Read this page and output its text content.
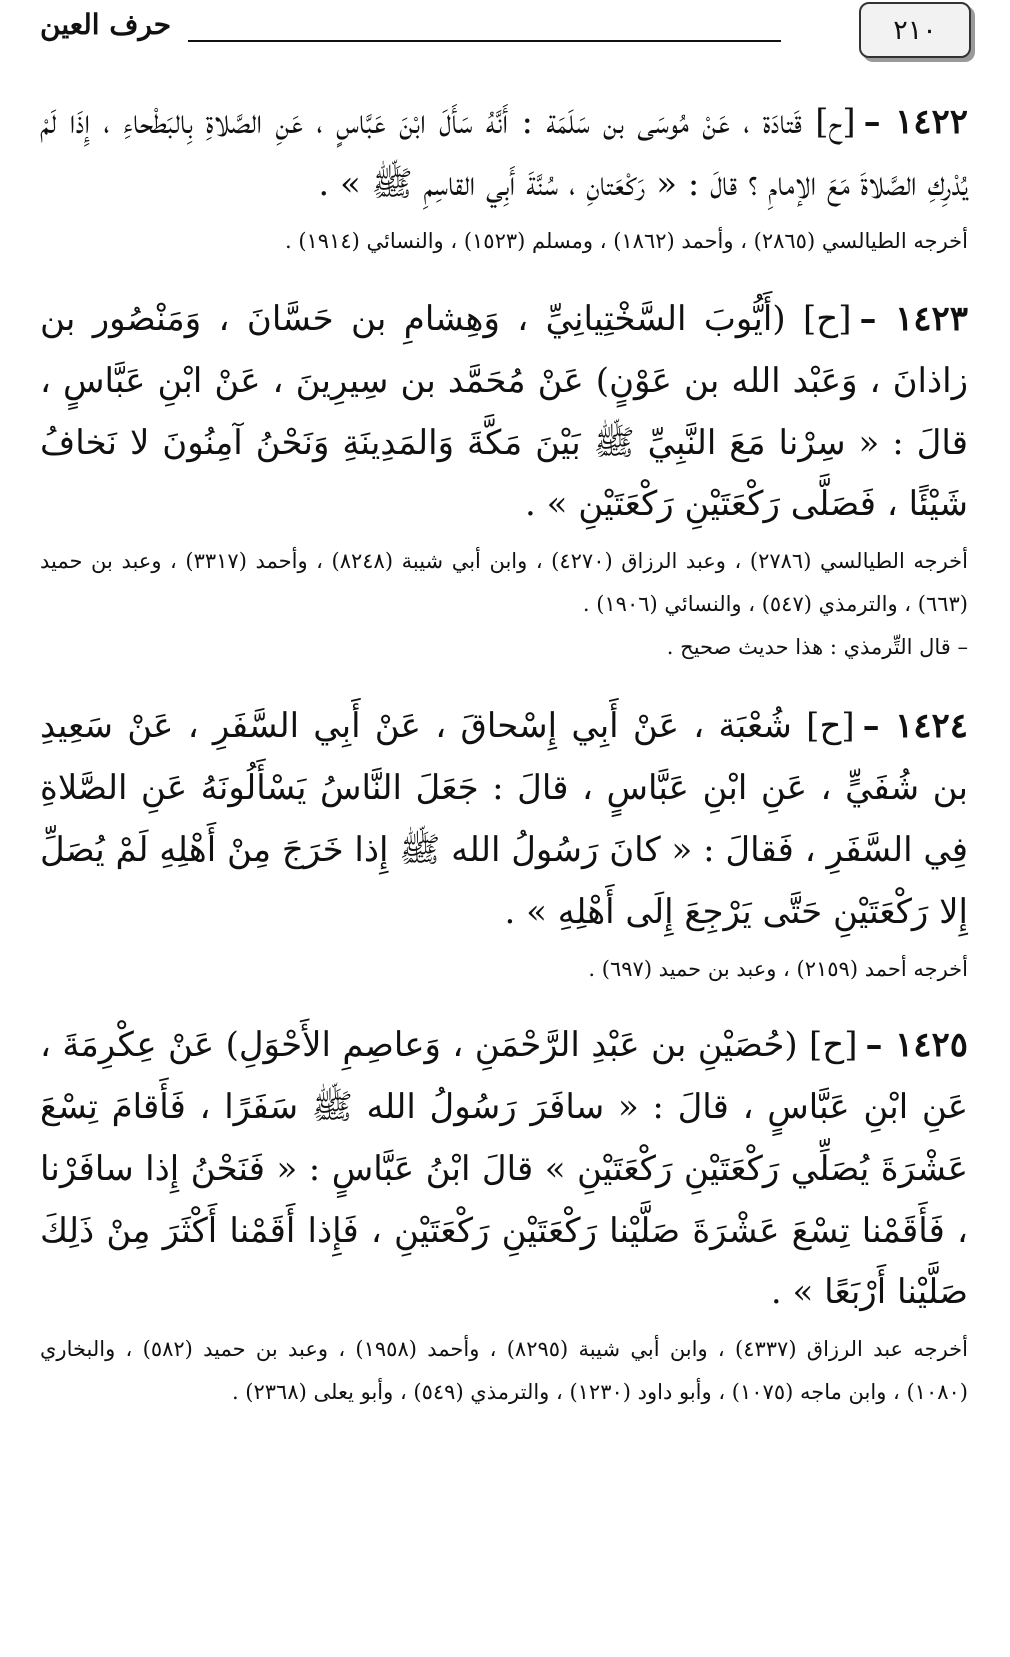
٢١٠
حرف العين

١٤٢٢ –[ح] قَتادَة ، عَنْ مُوسَى بن سَلَمَة : أَنَّهُ سَأَلَ ابْنَ عَبَّاسٍ ، عَنِ الصَّلاةِ بِالبَطْحاءِ ، إِذَا لَمْ يُدْرِكِ الصَّلاةَ مَعَ الإمامِ ؟ قالَ : « رَكْعَتانِ ، سُنَّةَ أَبِي القاسِمِ ﷺ » .

أخرجه الطيالسي (٢٨٦٥) ، وأحمد (١٨٦٢) ، ومسلم (١٥٢٣) ، والنسائي (١٩١٤) .

١٤٢٣ –[ح] (أَيُّوبَ السَّخْتِيانِيِّ ، وَهِشامِ بن حَسَّانَ ، وَمَنْصُور بن زاذانَ ، وَعَبْد الله بن عَوْنٍ) عَنْ مُحَمَّد بن سِيرِينَ ، عَنْ ابْنِ عَبَّاسٍ ، قالَ : « سِرْنا مَعَ النَّبِيِّ ﷺ بَيْنَ مَكَّةَ وَالمَدِينَةِ وَنَحْنُ آمِنُونَ لا نَخافُ شَيْئًا ، فَصَلَّى رَكْعَتَيْنِ رَكْعَتَيْنِ » .

أخرجه الطيالسي (٢٧٨٦) ، وعبد الرزاق (٤٢٧٠) ، وابن أبي شيبة (٨٢٤٨) ، وأحمد (٣٣١٧) ، وعبد بن حميد (٦٦٣) ، والترمذي (٥٤٧) ، والنسائي (١٩٠٦) .

– قال التِّرمذي : هذا حديث صحيح .

١٤٢٤ –[ح] شُعْبَة ، عَنْ أَبِي إِسْحاقَ ، عَنْ أَبِي السَّفَرِ ، عَنْ سَعِيدِ بن شُفَيٍّ ، عَنِ ابْنِ عَبَّاسٍ ، قالَ : جَعَلَ النَّاسُ يَسْأَلُونَهُ عَنِ الصَّلاةِ فِي السَّفَرِ ، فَقالَ : « كانَ رَسُولُ الله ﷺ إِذا خَرَجَ مِنْ أَهْلِهِ لَمْ يُصَلِّ إِلا رَكْعَتَيْنِ حَتَّى يَرْجِعَ إِلَى أَهْلِهِ » .

أخرجه أحمد (٢١٥٩) ، وعبد بن حميد (٦٩٧) .

١٤٢٥ –[ح] (حُصَيْنِ بن عَبْدِ الرَّحْمَنِ ، وَعاصِمِ الأَحْوَلِ) عَنْ عِكْرِمَةَ ، عَنِ ابْنِ عَبَّاسٍ ، قالَ : « سافَرَ رَسُولُ الله ﷺ سَفَرًا ، فَأَقامَ تِسْعَ عَشْرَةَ يُصَلِّي رَكْعَتَيْنِ رَكْعَتَيْنِ » قالَ ابْنُ عَبَّاسٍ : « فَنَحْنُ إِذا سافَرْنا ، فَأَقَمْنا تِسْعَ عَشْرَةَ صَلَّيْنا رَكْعَتَيْنِ رَكْعَتَيْنِ ، فَإِذا أَقَمْنا أَكْثَرَ مِنْ ذَلِكَ صَلَّيْنا أَرْبَعًا » .

أخرجه عبد الرزاق (٤٣٣٧) ، وابن أبي شيبة (٨٢٩٥) ، وأحمد (١٩٥٨) ، وعبد بن حميد (٥٨٢) ، والبخاري (١٠٨٠) ، وابن ماجه (١٠٧٥) ، وأبو داود (١٢٣٠) ، والترمذي (٥٤٩) ، وأبو يعلى (٢٣٦٨) .
